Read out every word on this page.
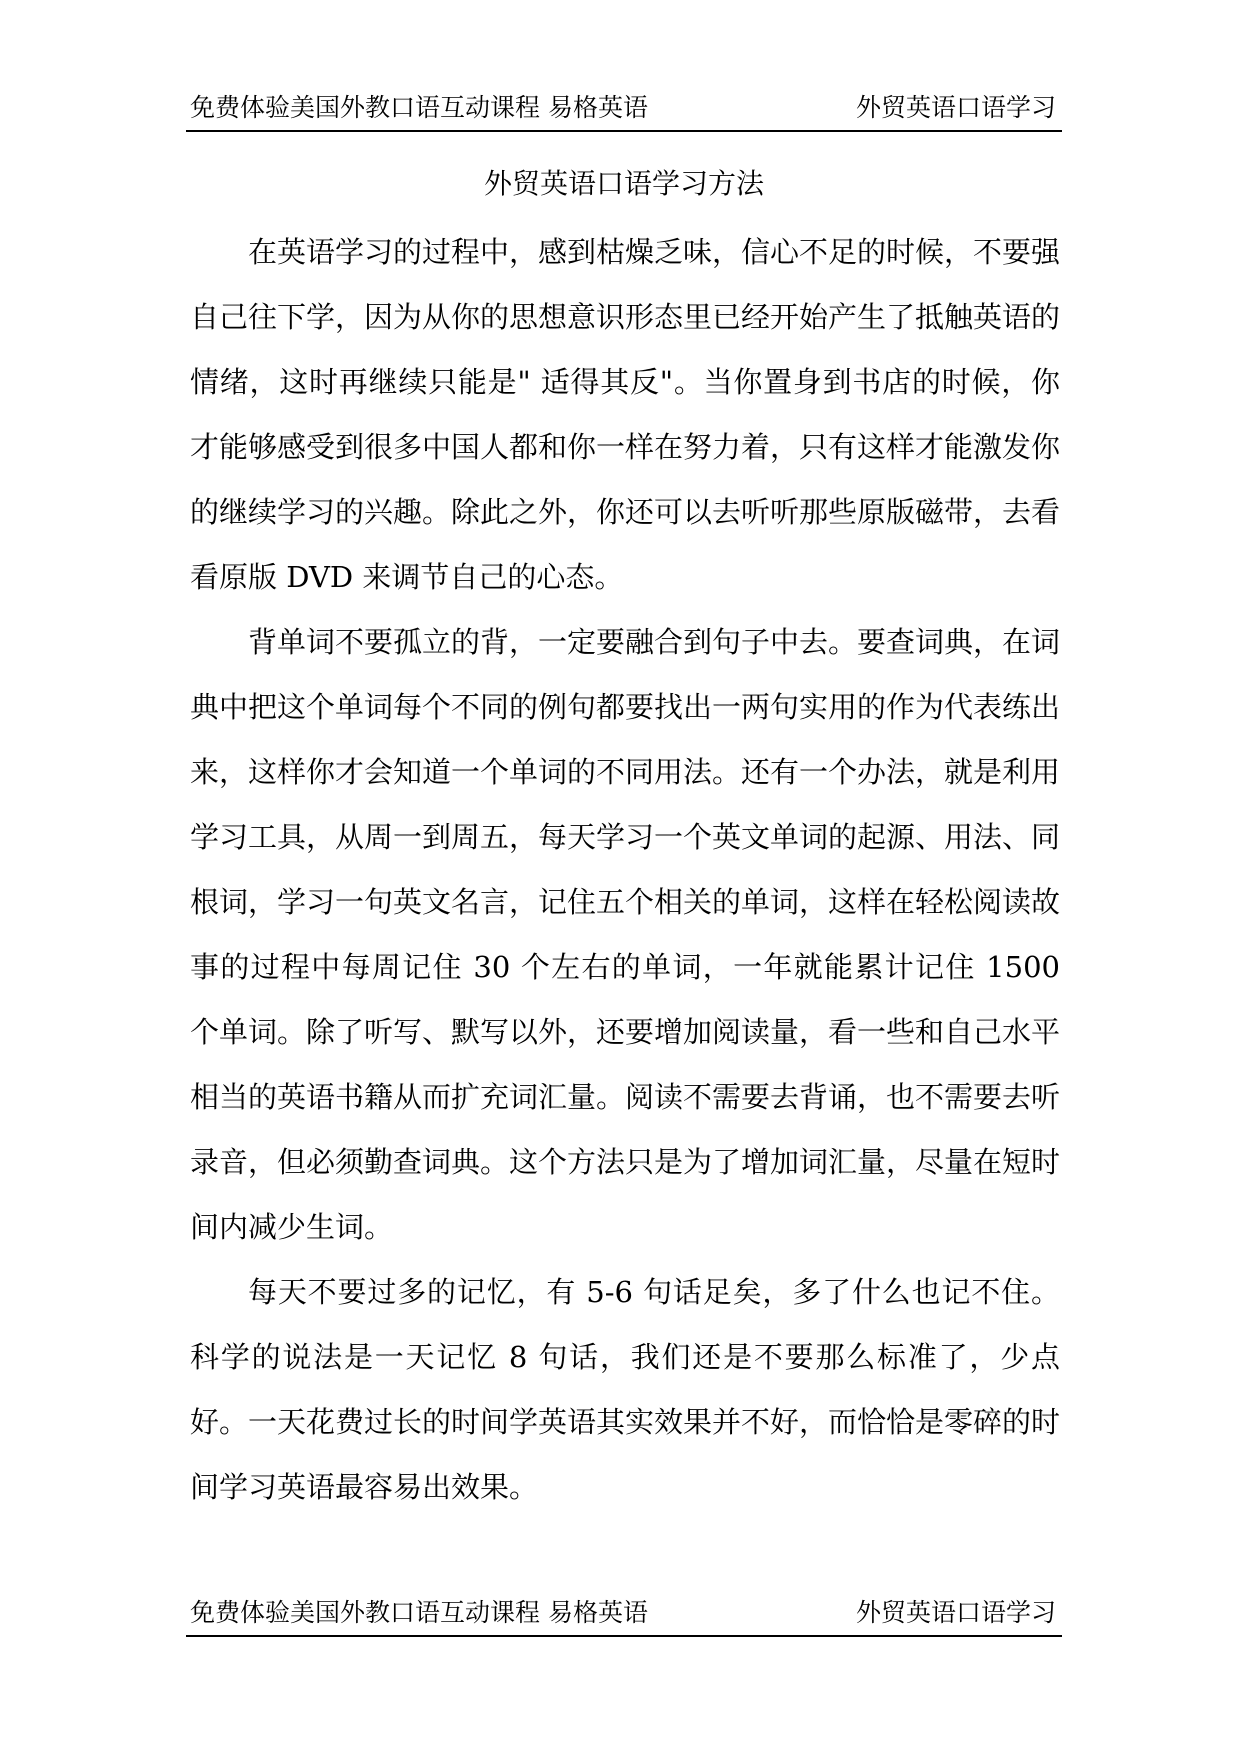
免费体验美国外教口语互动课程 易格英语	外贸英语口语学习
外贸英语口语学习方法

在英语学习的过程中，感到枯燥乏味，信心不足的时候，不要强自己往下学，因为从你的思想意识形态里已经开始产生了抵触英语的情绪，这时再继续只能是" 适得其反"。当你置身到书店的时候，你才能够感受到很多中国人都和你一样在努力着，只有这样才能激发你的继续学习的兴趣。除此之外，你还可以去听听那些原版磁带，去看看原版 DVD 来调节自己的心态。

背单词不要孤立的背，一定要融合到句子中去。要查词典，在词典中把这个单词每个不同的例句都要找出一两句实用的作为代表练出来，这样你才会知道一个单词的不同用法。还有一个办法，就是利用学习工具，从周一到周五，每天学习一个英文单词的起源、用法、同根词，学习一句英文名言，记住五个相关的单词，这样在轻松阅读故事的过程中每周记住 30 个左右的单词，一年就能累计记住 1500 个单词。除了听写、默写以外，还要增加阅读量，看一些和自己水平相当的英语书籍从而扩充词汇量。阅读不需要去背诵，也不需要去听录音，但必须勤查词典。这个方法只是为了增加词汇量，尽量在短时间内减少生词。

每天不要过多的记忆，有 5-6 句话足矣，多了什么也记不住。科学的说法是一天记忆 8 句话，我们还是不要那么标准了，少点好。一天花费过长的时间学英语其实效果并不好，而恰恰是零碎的时间学习英语最容易出效果。

免费体验美国外教口语互动课程 易格英语	外贸英语口语学习
